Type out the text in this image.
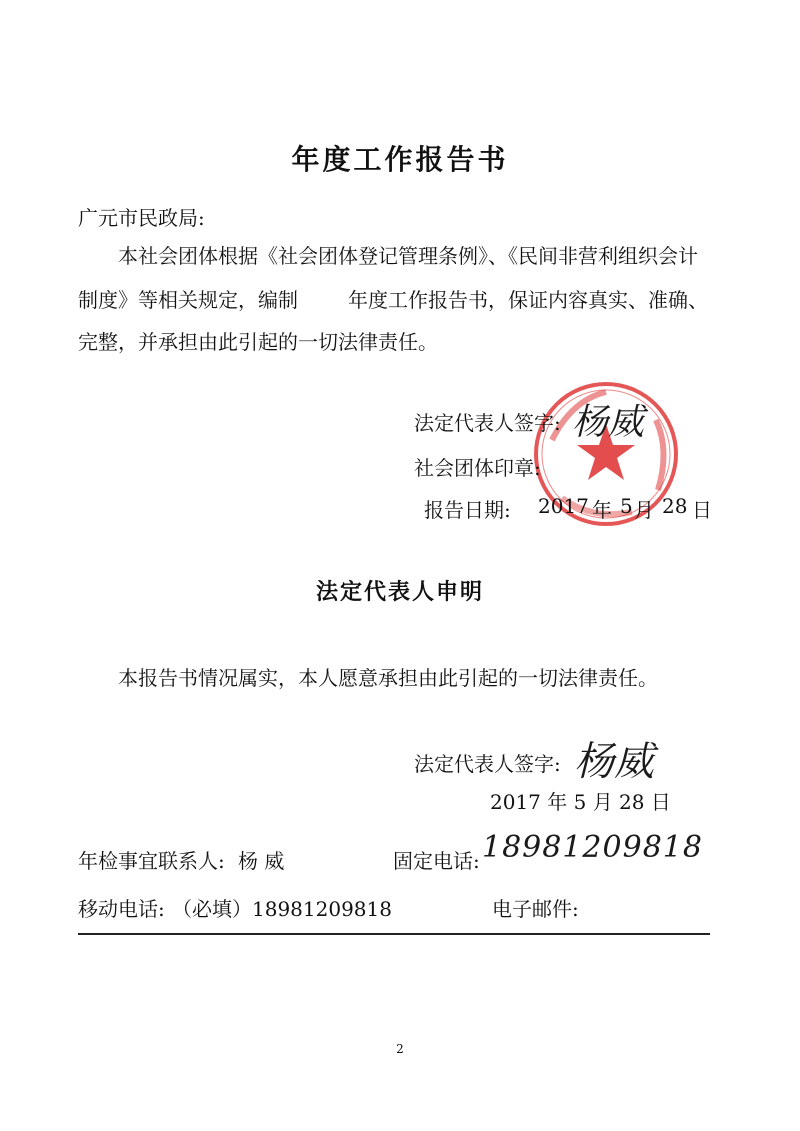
年度工作报告书
广元市民政局:
本社会团体根据《社会团体登记管理条例》、《民间非营利组织会计
制度》等相关规定，编制	年度工作报告书，保证内容真实、准确、
完整，并承担由此引起的一切法律责任。
法定代表人签字: 杨威
社会团体印章:
报告日期: 2017 年 5 月 28 日
法定代表人申明
本报告书情况属实，本人愿意承担由此引起的一切法律责任。
法定代表人签字: 杨威
2017 年 5 月 28 日
年检事宜联系人: 杨 威	固定电话: 18981209818
移动电话: （必填）18981209818	电子邮件:
2
